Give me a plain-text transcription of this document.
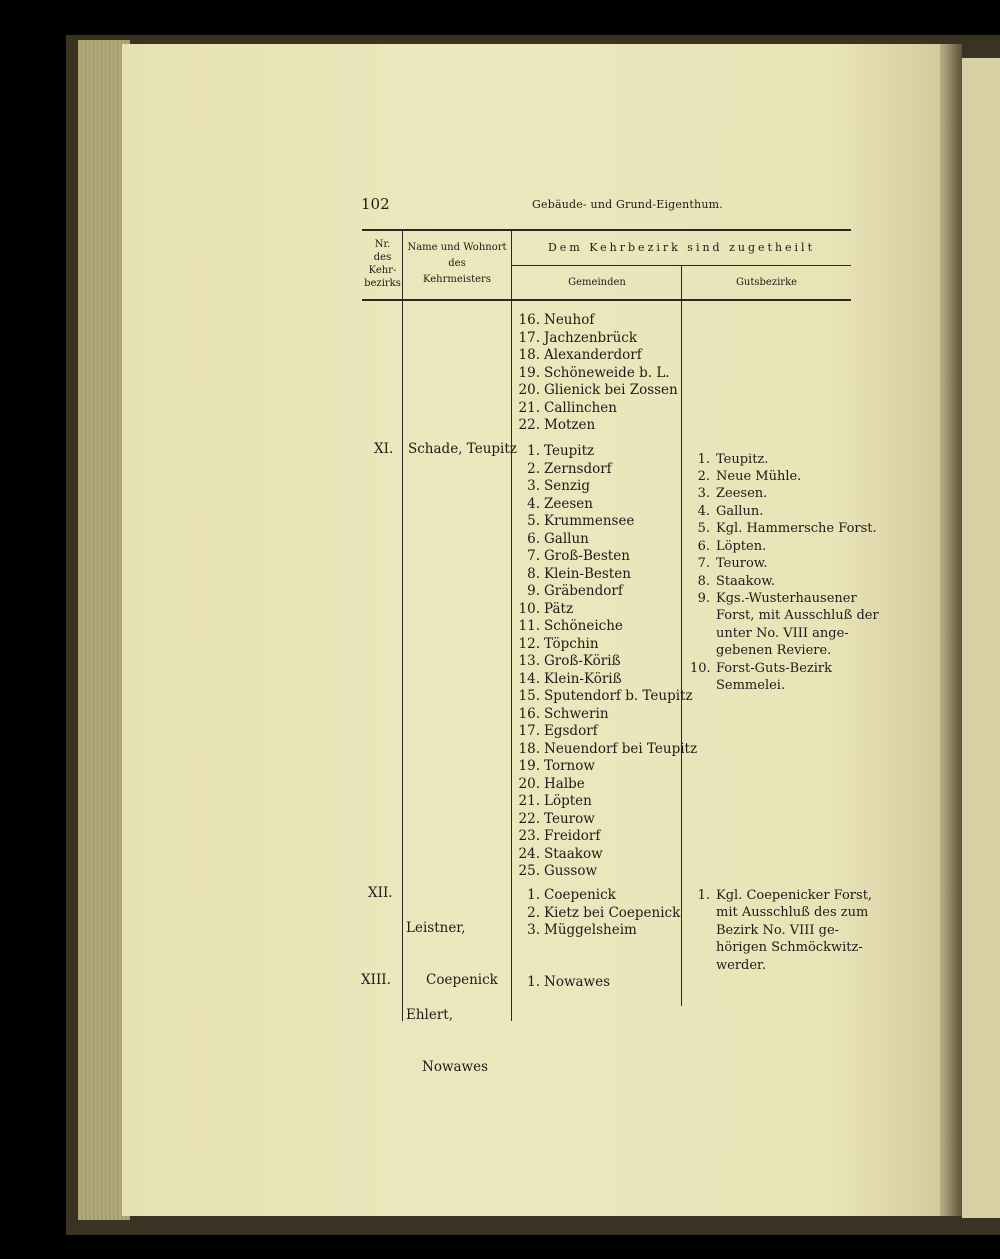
102	Gebäude- und Grund-Eigenthum.
Nr.
des
Kehr-
bezirks
Name und Wohnort
des
Kehrmeisters
Dem Kehrbezirk sind zugetheilt
Gemeinden	Gutsbezirke
16. Neuhof
17. Jachzenbrück
18. Alexanderdorf
19. Schöneweide b. L.
20. Glienick bei Zossen
21. Callinchen
22. Motzen
XI. Schade, Teupitz 1. Teupitz
2. Zernsdorf
3. Senzig
4. Zeesen
5. Krummensee
6. Gallun
7. Groß-Besten
8. Klein-Besten
9. Gräbendorf
10. Pätz
11. Schöneiche
12. Töpchin
13. Groß-Köriß
14. Klein-Köriß
15. Sputendorf b. Teupitz
16. Schwerin
17. Egsdorf
18. Neuendorf bei Teupitz
19. Tornow
20. Halbe
21. Löpten
22. Teurow
23. Freidorf
24. Staakow
25. Gussow
1. Teupitz.
2. Neue Mühle.
3. Zeesen.
4. Gallun.
5. Kgl. Hammersche Forst.
6. Löpten.
7. Teurow.
8. Staakow.
9. Kgs.-Wusterhausener
Forst, mit Ausschluß der
unter No. VIII ange-
gebenen Reviere.
10. Forst-Guts-Bezirk
Semmelei.
XII.

Leistner,

Coepenick

1. Coepenick
2. Kietz bei Coepenick
3. Müggelsheim
1. Kgl. Coepenicker Forst,
mit Ausschluß des zum
Bezirk No. VIII ge-
hörigen Schmöckwitz-
werder.
XIII.

Ehlert,

Nowawes

1. Nowawes
